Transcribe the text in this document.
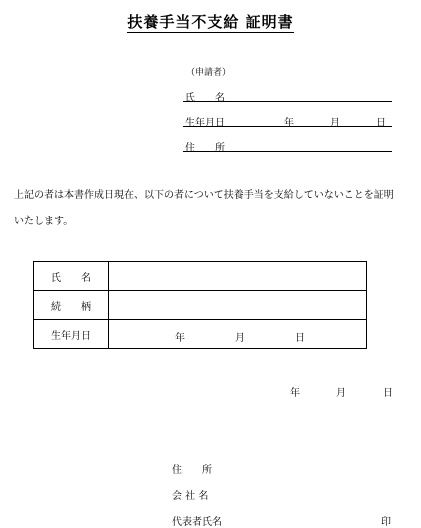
扶養手当不支給 証明書
（申請者）
氏　　名
生年月日	年	月	日
住　　所
上記の者は本書作成日現在、以下の者について扶養手当を支給していないことを証明
いたします。
氏　　名	
続　　柄	
生年月日	年 月 日
年	月	日
住　　所
会 社 名
代表者氏名	印
